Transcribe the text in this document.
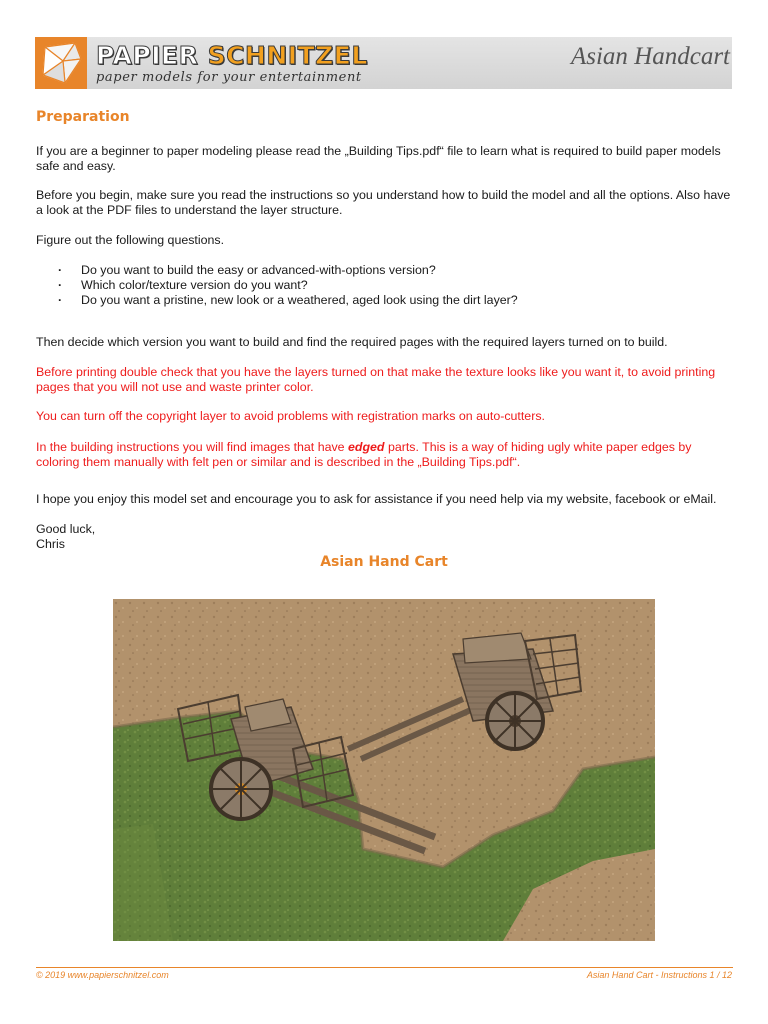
PAPIER SCHNITZEL
paper models for your entertainment
Asian Handcart
Preparation

If you are a beginner to paper modeling please read the „Building Tips.pdf“ file to learn what is required to build paper models safe and easy.

Before you begin, make sure you read the instructions so you understand how to build the model and all the options. Also have a look at the PDF files to understand the layer structure.

Figure out the following questions.

· Do you want to build the easy or advanced-with-options version?
· Which color/texture version do you want?
· Do you want a pristine, new look or a weathered, aged look using the dirt layer?

Then decide which version you want to build and find the required pages with the required layers turned on to build.

Before printing double check that you have the layers turned on that make the texture looks like you want it, to avoid printing pages that you will not use and waste printer color.

You can turn off the copyright layer to avoid problems with registration marks on auto-cutters.

In the building instructions you will find images that have edged parts. This is a way of hiding ugly white paper edges by coloring them manually with felt pen or similar and is described in the „Building Tips.pdf“.

I hope you enjoy this model set and encourage you to ask for assistance if you need help via my website, facebook or eMail.

Good luck,

Chris

Asian Hand Cart
© 2019 www.papierschnitzel.com	Asian Hand Cart - Instructions 1 / 12
